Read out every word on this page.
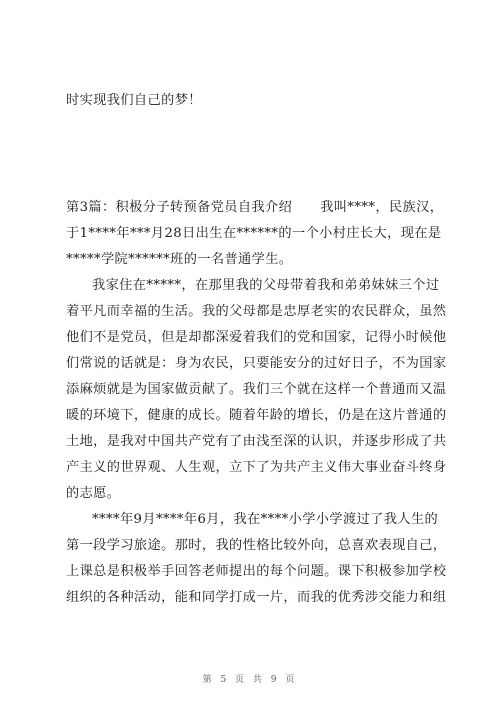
时实现我们自己的梦！
第3篇：积极分子转预备党员自我介绍 我叫****，民族汉，
于1****年***月28日出生在******的一个小村庄长大，现在是
*****学院******班的一名普通学生。
我家住在*****，在那里我的父母带着我和弟弟妹妹三个过
着平凡而幸福的生活。我的父母都是忠厚老实的农民群众，虽然
他们不是党员，但是却都深爱着我们的党和国家，记得小时候他
们常说的话就是：身为农民，只要能安分的过好日子，不为国家
添麻烦就是为国家做贡献了。我们三个就在这样一个普通而又温
暖的环境下，健康的成长。随着年龄的增长，仍是在这片普通的
土地，是我对中国共产党有了由浅至深的认识，并逐步形成了共
产主义的世界观、人生观，立下了为共产主义伟大事业奋斗终身
的志愿。
****年9月****年6月，我在****小学小学渡过了我人生的
第一段学习旅途。那时，我的性格比较外向，总喜欢表现自己，
上课总是积极举手回答老师提出的每个问题。课下积极参加学校
组织的各种活动，能和同学打成一片，而我的优秀涉交能力和组
第 5 页 共 9 页
